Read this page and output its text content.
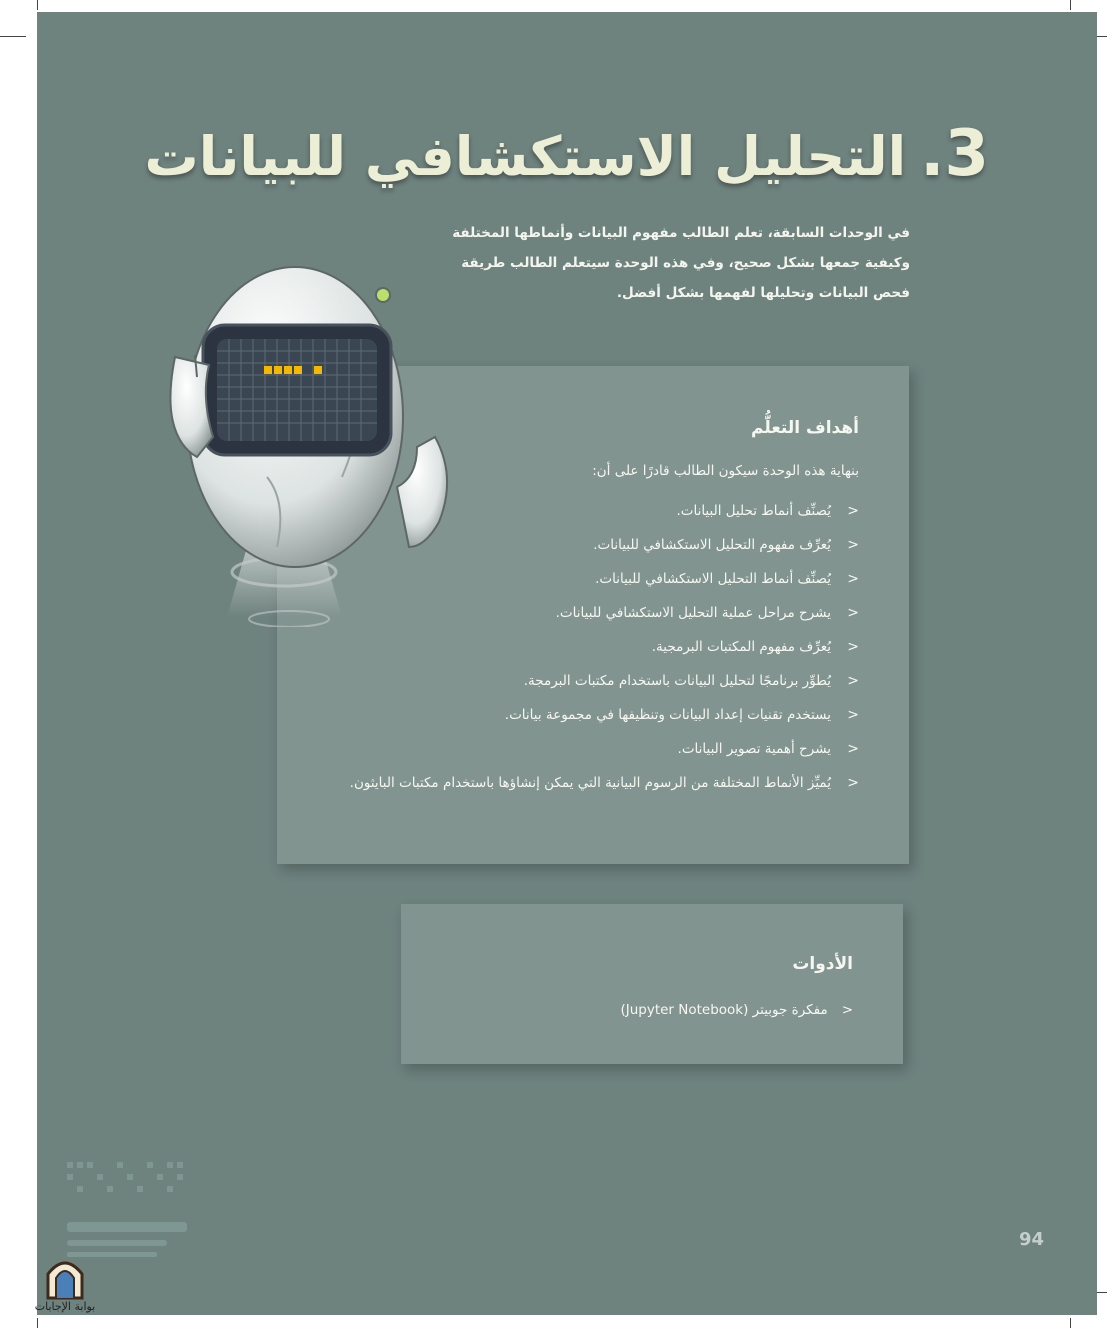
3.التحليل الاستكشافي للبيانات
في الوحدات السابقة، تعلم الطالب مفهوم البيانات وأنماطها المختلفة وكيفية جمعها بشكل صحيح، وفي هذه الوحدة سيتعلم الطالب طريقة فحص البيانات وتحليلها لفهمها بشكل أفضل.
أهداف التعلُّم
بنهاية هذه الوحدة سيكون الطالب قادرًا على أن:
<
يُصنِّف أنماط تحليل البيانات.
<
يُعرِّف مفهوم التحليل الاستكشافي للبيانات.
<
يُصنِّف أنماط التحليل الاستكشافي للبيانات.
<
يشرح مراحل عملية التحليل الاستكشافي للبيانات.
<
يُعرِّف مفهوم المكتبات البرمجية.
<
يُطوِّر برنامجًا لتحليل البيانات باستخدام مكتبات البرمجة.
<
يستخدم تقنيات إعداد البيانات وتنظيفها في مجموعة بيانات.
<
يشرح أهمية تصوير البيانات.
<
يُميِّز الأنماط المختلفة من الرسوم البيانية التي يمكن إنشاؤها باستخدام مكتبات البايثون.
الأدوات
<مفكرة جوبيتر (Jupyter Notebook)
94
بوابة الإجابات
